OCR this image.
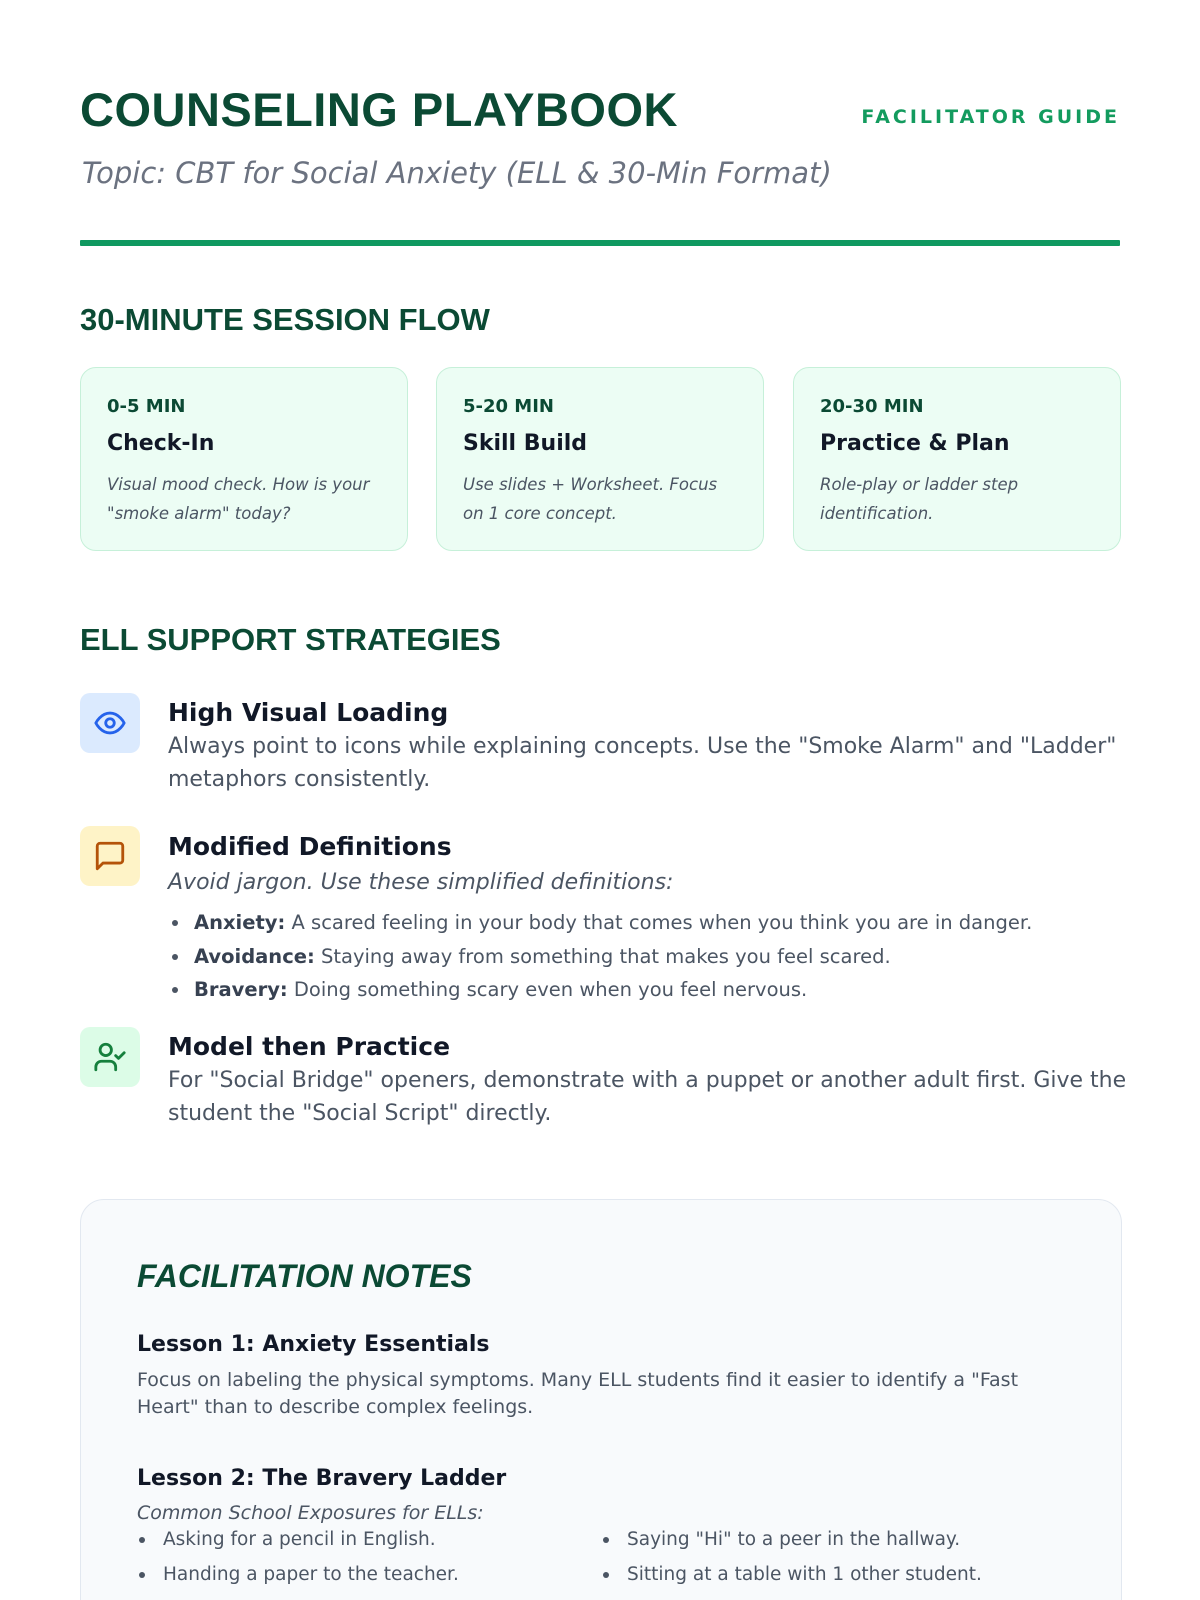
COUNSELING PLAYBOOK	FACILITATOR GUIDE
Topic: CBT for Social Anxiety (ELL & 30-Min Format)
30-MINUTE SESSION FLOW
0-5 MIN
Check-In
Visual mood check. How is your "smoke alarm" today?
5-20 MIN
Skill Build
Use slides + Worksheet. Focus on 1 core concept.
20-30 MIN
Practice & Plan
Role-play or ladder step identification.
ELL SUPPORT STRATEGIES
High Visual Loading
Always point to icons while explaining concepts. Use the "Smoke Alarm" and "Ladder" metaphors consistently.
Modified Definitions
Avoid jargon. Use these simplified definitions:
Anxiety: A scared feeling in your body that comes when you think you are in danger.
Avoidance: Staying away from something that makes you feel scared.
Bravery: Doing something scary even when you feel nervous.
Model then Practice
For "Social Bridge" openers, demonstrate with a puppet or another adult first. Give the student the "Social Script" directly.
FACILITATION NOTES
Lesson 1: Anxiety Essentials
Focus on labeling the physical symptoms. Many ELL students find it easier to identify a "Fast Heart" than to describe complex feelings.
Lesson 2: The Bravery Ladder
Common School Exposures for ELLs:
Asking for a pencil in English.
Handing a paper to the teacher.
Saying "Hi" to a peer in the hallway.
Sitting at a table with 1 other student.
